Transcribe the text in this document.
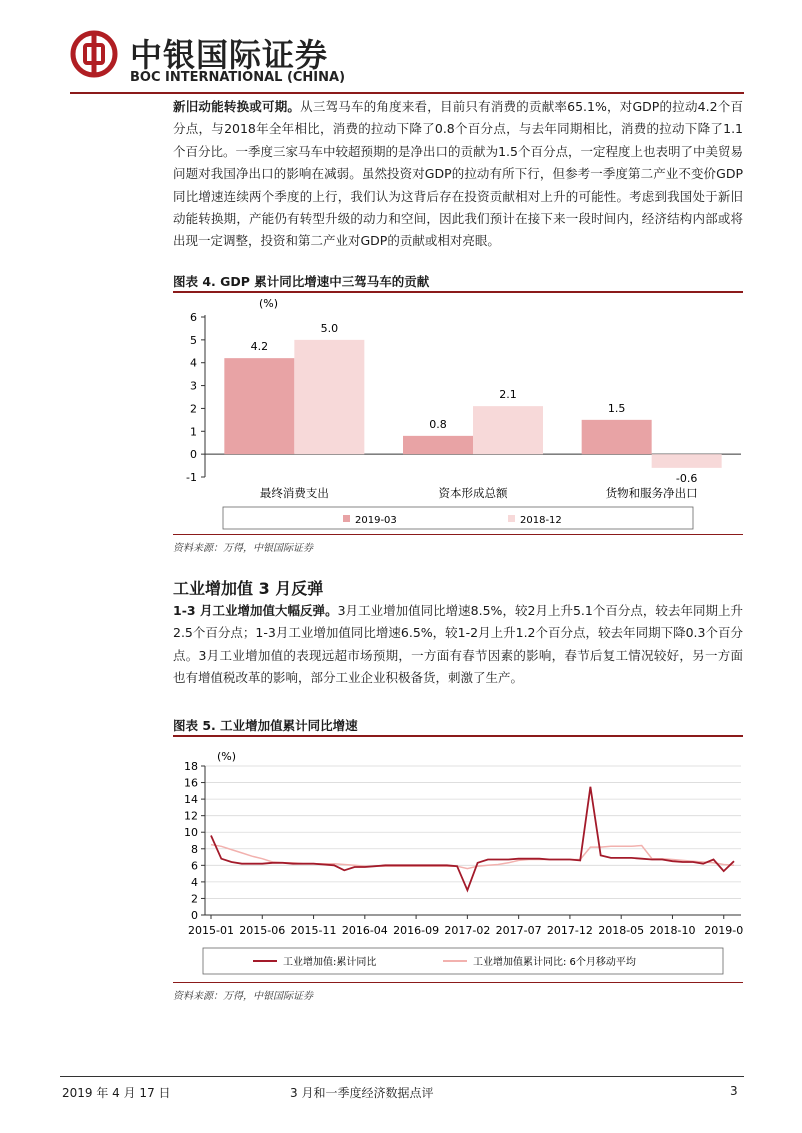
中银国际证券
BOC INTERNATIONAL (CHINA)
新旧动能转换或可期。从三驾马车的角度来看，目前只有消费的贡献率65.1%，对GDP的拉动4.2个百分点，与2018年全年相比，消费的拉动下降了0.8个百分点，与去年同期相比，消费的拉动下降了1.1个百分比。一季度三家马车中较超预期的是净出口的贡献为1.5个百分点，一定程度上也表明了中美贸易问题对我国净出口的影响在减弱。虽然投资对GDP的拉动有所下行，但参考一季度第二产业不变价GDP同比增速连续两个季度的上行，我们认为这背后存在投资贡献相对上升的可能性。考虑到我国处于新旧动能转换期，产能仍有转型升级的动力和空间，因此我们预计在接下来一段时间内，经济结构内部或将出现一定调整，投资和第二产业对GDP的贡献或相对亮眼。
图表 4. GDP 累计同比增速中三驾马车的贡献
(%)
-1
0
1
2
3
4
5
6
4.2
5.0
0.8
2.1
1.5
-0.6
最终消费支出	资本形成总额	货物和服务净出口
2019-03	2018-12
资料来源：万得，中银国际证券
工业增加值 3 月反弹
1-3 月工业增加值大幅反弹。3月工业增加值同比增速8.5%，较2月上升5.1个百分点，较去年同期上升2.5个百分点；1-3月工业增加值同比增速6.5%，较1-2月上升1.2个百分点，较去年同期下降0.3个百分点。3月工业增加值的表现远超市场预期，一方面有春节因素的影响，春节后复工情况较好，另一方面也有增值税改革的影响，部分工业企业积极备货，刺激了生产。
图表 5. 工业增加值累计同比增速
(%)
0
2
4
6
8
10
12
14
16
18
2015-01 2015-06 2015-11 2016-04 2016-09 2017-02 2017-07 2017-12 2018-05 2018-10 2019-0
工业增加值:累计同比	工业增加值累计同比: 6个月移动平均
资料来源：万得，中银国际证券
2019 年 4 月 17 日	3 月和一季度经济数据点评	3
